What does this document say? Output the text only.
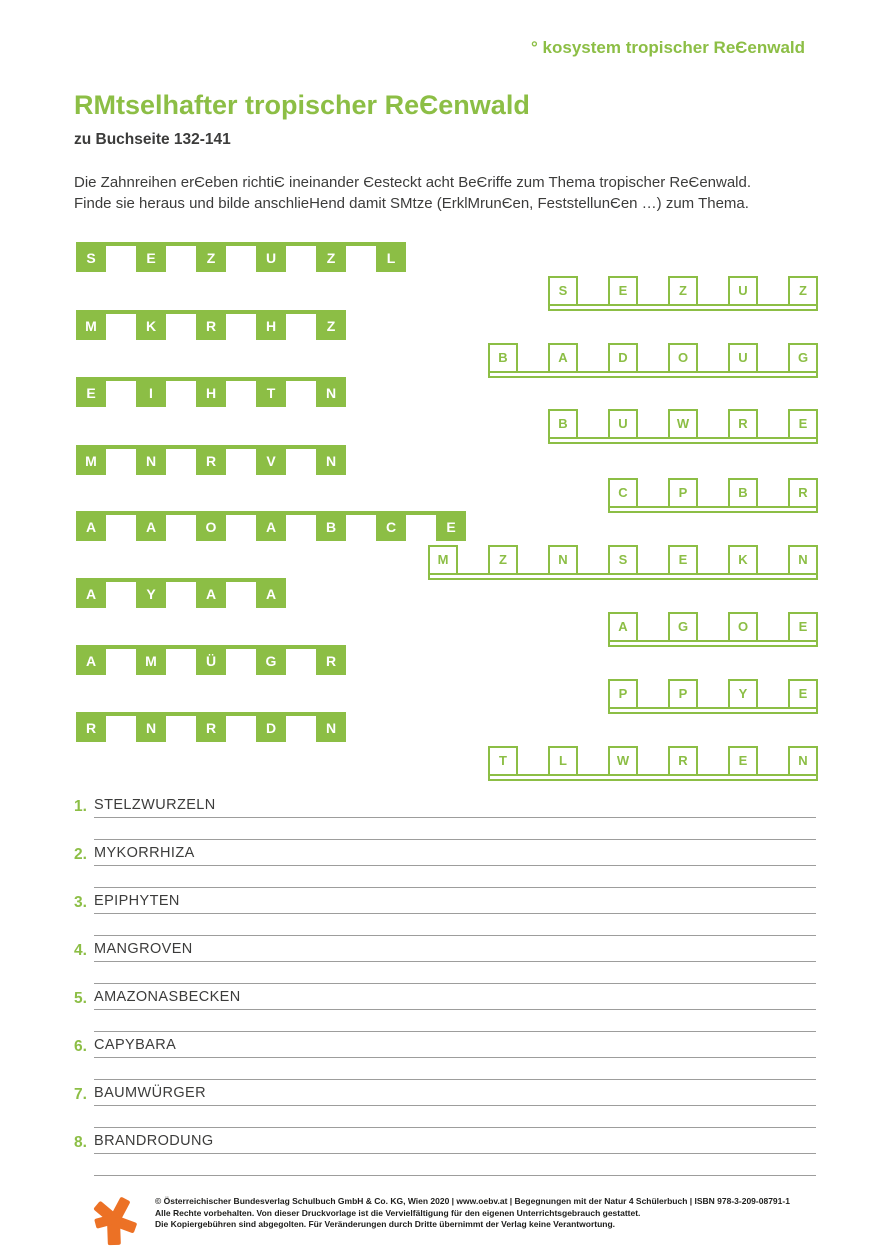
° kosystem tropischer ReЄenwald
RMtselhafter tropischer ReЄenwald
zu Buchseite 132-141
Die Zahnreihen erЄeben richtiЄ ineinander Єesteckt acht BeЄriffe zum Thema tropischer ReЄenwald.
Finde sie heraus und bilde anschlieHend damit SMtze (ErklMrunЄen, FeststellunЄen …) zum Thema.
S	E	Z	U	Z	L
M	K	R	H	Z
E	I	H	T	N
M	N	R	V	N
A	A	O	A	B	C	E
A	Y	A	A
A	M	Ü	G	R
R	N	R	D	N
S	E	Z	U	Z
B	A	D	O	U	G
B	U	W	R	E
C	P	B	R
M	Z	N	S	E	K	N
A	G	O	E
P	P	Y	E
T	L	W	R	E	N
1. STELZWURZELN
2. MYKORRHIZA
3. EPIPHYTEN
4. MANGROVEN
5. AMAZONASBECKEN
6. CAPYBARA
7. BAUMWÜRGER
8. BRANDRODUNG
© Österreichischer Bundesverlag Schulbuch GmbH & Co. KG, Wien 2020 | www.oebv.at | Begegnungen mit der Natur 4 Schülerbuch | ISBN 978-3-209-08791-1
Alle Rechte vorbehalten. Von dieser Druckvorlage ist die Vervielfältigung für den eigenen Unterrichtsgebrauch gestattet.
Die Kopiergebühren sind abgegolten. Für Veränderungen durch Dritte übernimmt der Verlag keine Verantwortung.
